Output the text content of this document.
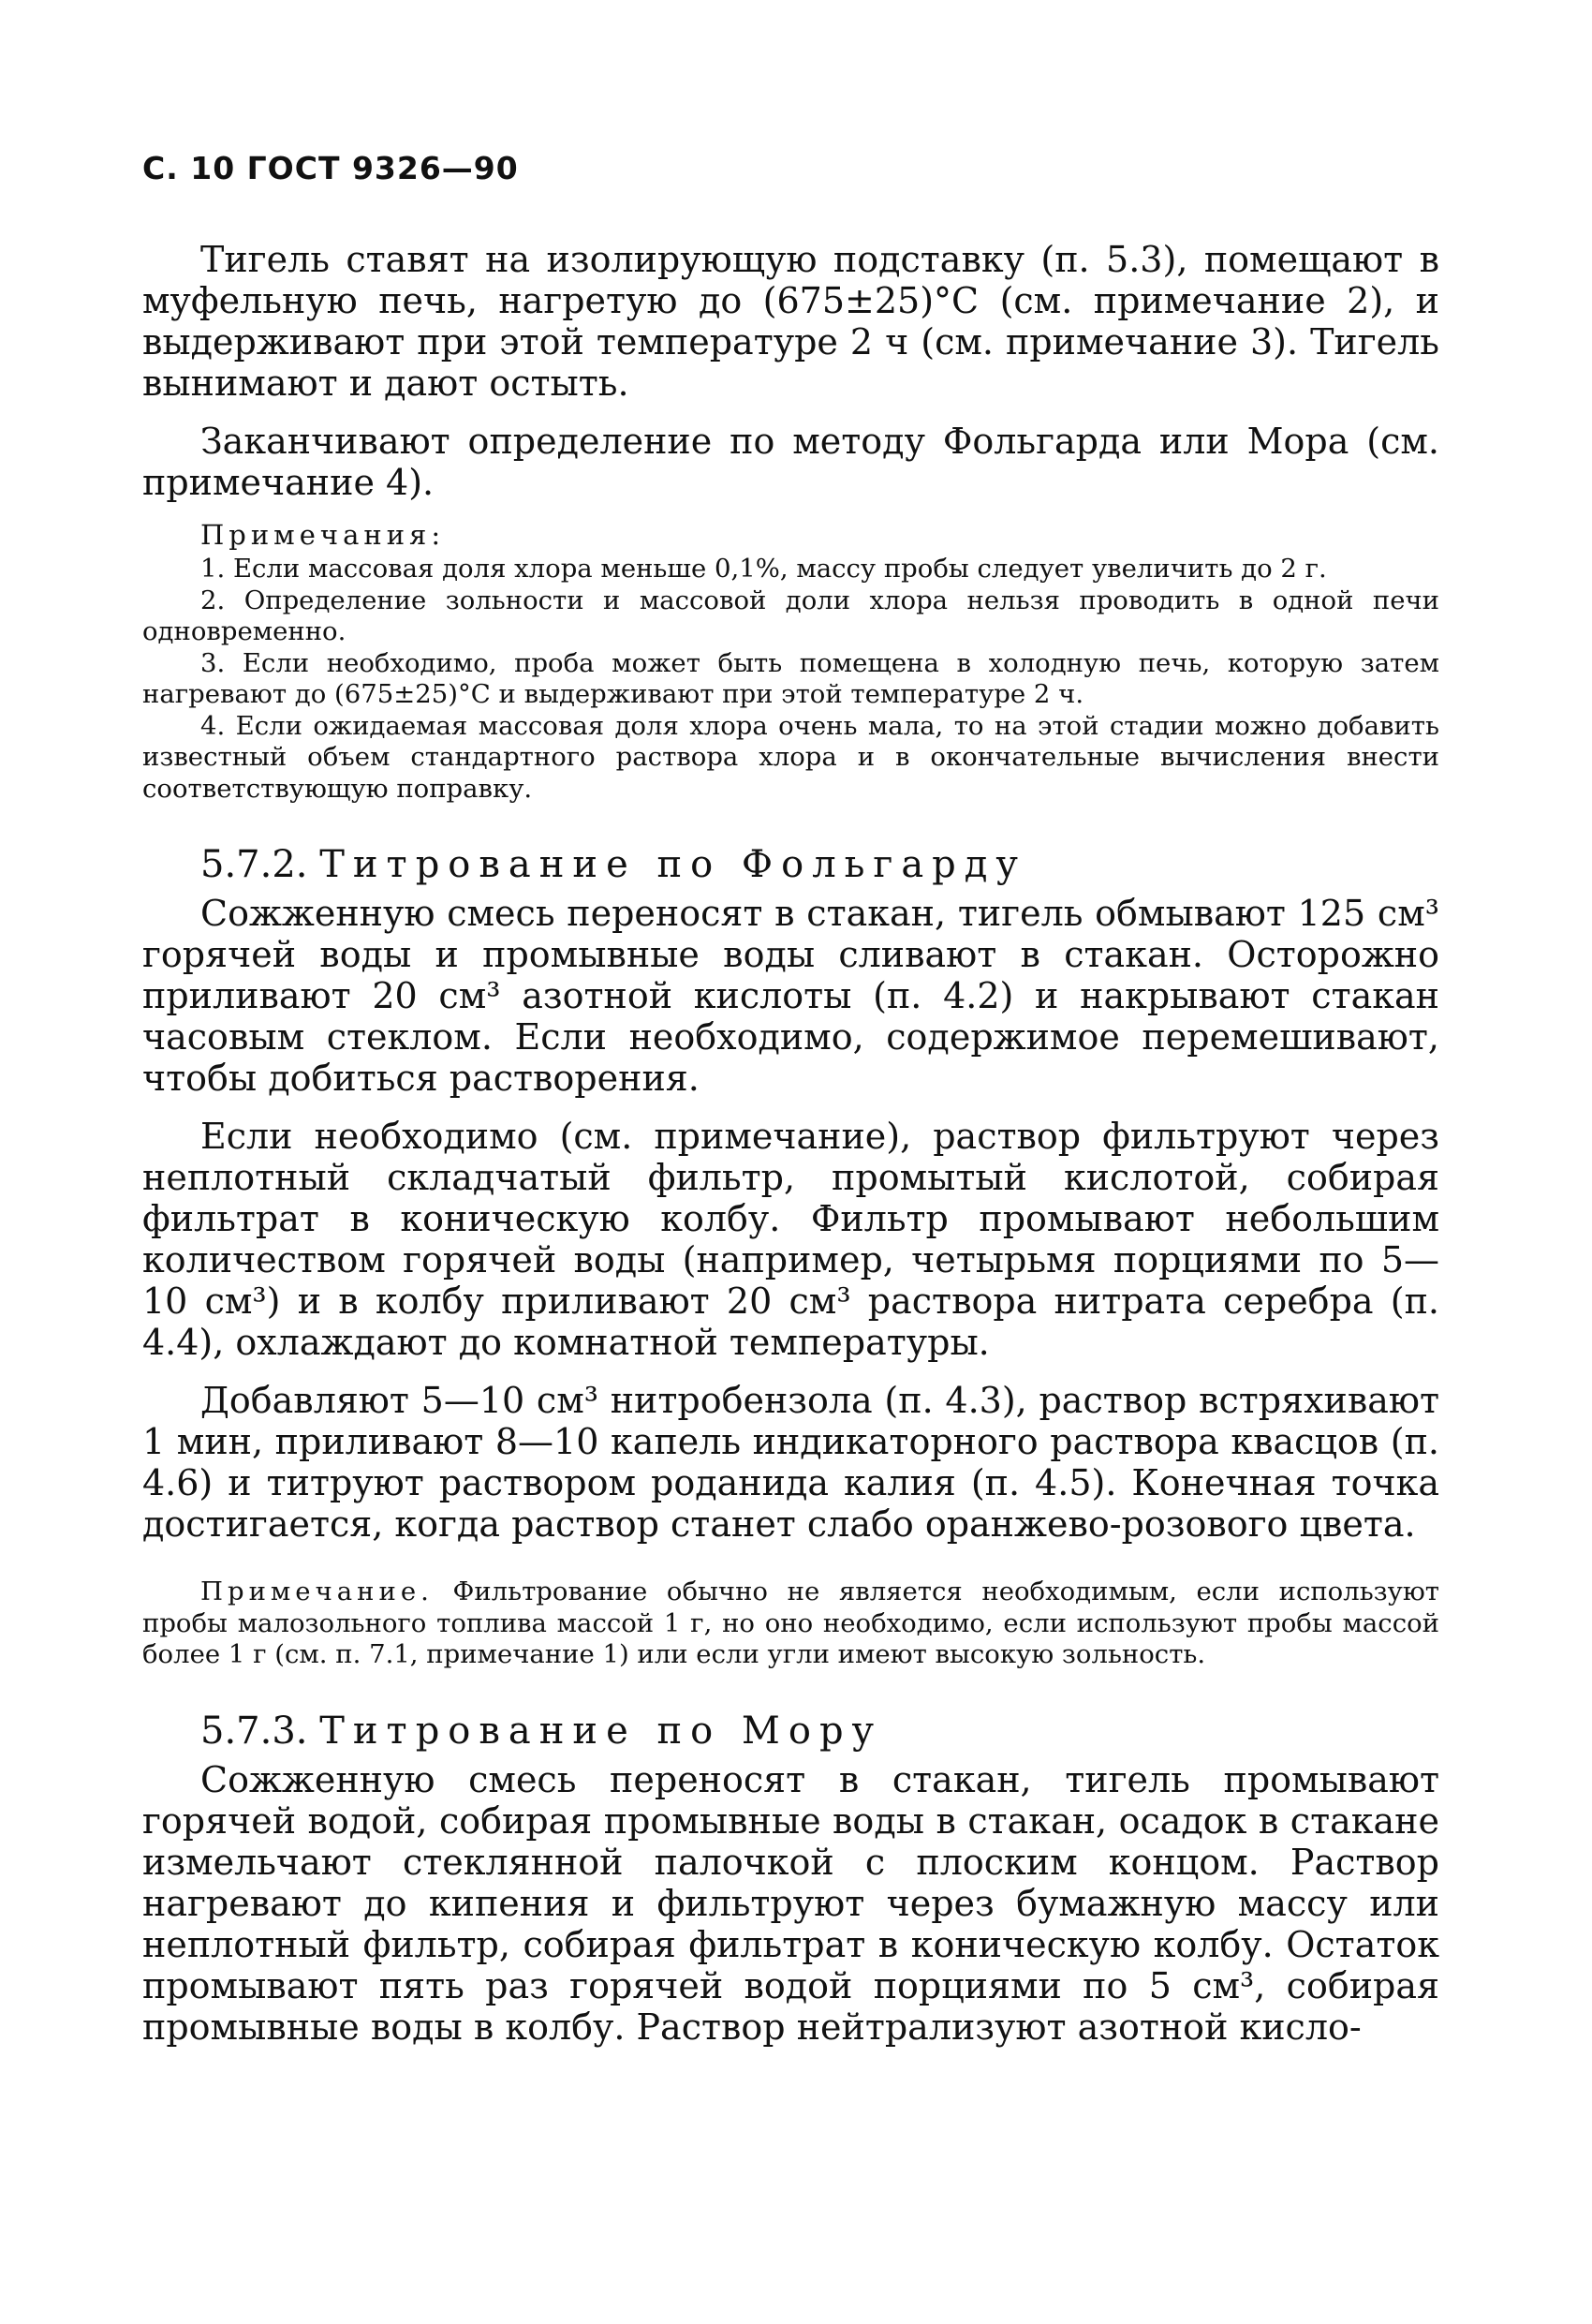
С. 10 ГОСТ 9326—90

Тигель ставят на изолирующую подставку (п. 5.3), помещают в муфельную печь, нагретую до (675±25)°С (см. примечание 2), и выдерживают при этой температуре 2 ч (см. примечание 3). Тигель вынимают и дают остыть.

Заканчивают определение по методу Фольгарда или Мора (см. примечание 4).

Примечания:

1. Если массовая доля хлора меньше 0,1%, массу пробы следует увеличить до 2 г.

2. Определение зольности и массовой доли хлора нельзя проводить в одной печи одновременно.

3. Если необходимо, проба может быть помещена в холодную печь, которую затем нагревают до (675±25)°С и выдерживают при этой температуре 2 ч.

4. Если ожидаемая массовая доля хлора очень мала, то на этой стадии можно добавить известный объем стандартного раствора хлора и в окончательные вычисления внести соответствующую поправку.

5.7.2. Титрование по Фольгарду

Сожженную смесь переносят в стакан, тигель обмывают 125 см³ горячей воды и промывные воды сливают в стакан. Осторожно приливают 20 см³ азотной кислоты (п. 4.2) и накрывают стакан часовым стеклом. Если необходимо, содержимое перемешивают, чтобы добиться растворения.

Если необходимо (см. примечание), раствор фильтруют через неплотный складчатый фильтр, промытый кислотой, собирая фильтрат в коническую колбу. Фильтр промывают небольшим количеством горячей воды (например, четырьмя порциями по 5—10 см³) и в колбу приливают 20 см³ раствора нитрата серебра (п. 4.4), охлаждают до комнатной температуры.

Добавляют 5—10 см³ нитробензола (п. 4.3), раствор встряхивают 1 мин, приливают 8—10 капель индикаторного раствора квасцов (п. 4.6) и титруют раствором роданида калия (п. 4.5). Конечная точка достигается, когда раствор станет слабо оранжево-розового цвета.

Примечание. Фильтрование обычно не является необходимым, если используют пробы малозольного топлива массой 1 г, но оно необходимо, если используют пробы массой более 1 г (см. п. 7.1, примечание 1) или если угли имеют высокую зольность.

5.7.3. Титрование по Мору

Сожженную смесь переносят в стакан, тигель промывают горячей водой, собирая промывные воды в стакан, осадок в стакане измельчают стеклянной палочкой с плоским концом. Раствор нагревают до кипения и фильтруют через бумажную массу или неплотный фильтр, собирая фильтрат в коническую колбу. Остаток промывают пять раз горячей водой порциями по 5 см³, собирая промывные воды в колбу. Раствор нейтрализуют азотной кисло-
